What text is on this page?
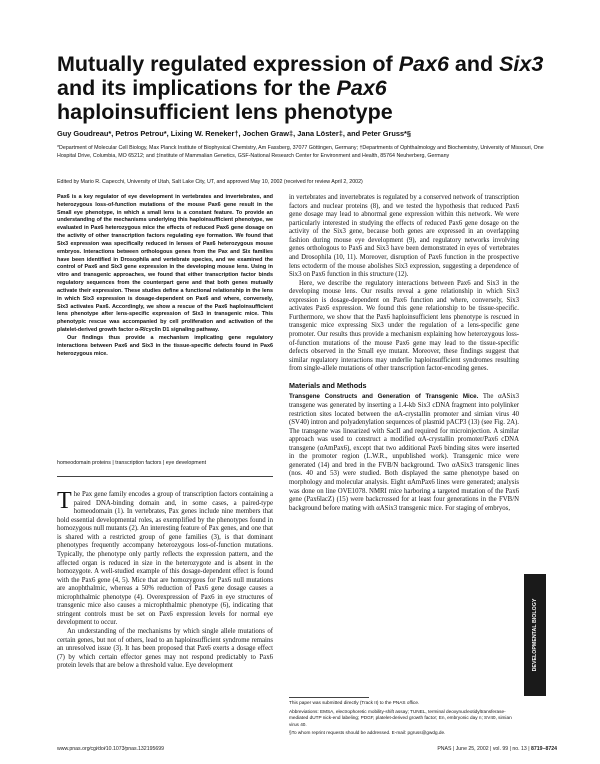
Mutually regulated expression of Pax6 and Six3 and its implications for the Pax6 haploinsufficient lens phenotype
Guy Goudreau*, Petros Petrou*, Lixing W. Reneker†, Jochen Graw‡, Jana Löster‡, and Peter Gruss*§
*Department of Molecular Cell Biology, Max Planck Institute of Biophysical Chemistry, Am Fassberg, 37077 Göttingen, Germany; †Departments of Ophthalmology and Biochemistry, University of Missouri, One Hospital Drive, Columbia, MO 65212; and ‡Institute of Mammalian Genetics, GSF-National Research Center for Environment and Health, 85764 Neuherberg, Germany
Edited by Mario R. Capecchi, University of Utah, Salt Lake City, UT, and approved May 10, 2002 (received for review April 2, 2002)

Pax6 is a key regulator of eye development in vertebrates and invertebrates, and heterozygous loss-of-function mutations of the mouse Pax6 gene result in the Small eye phenotype, in which a small lens is a constant feature. To provide an understanding of the mechanisms underlying this haploinsufficient phenotype, we evaluated in Pax6 heterozygous mice the effects of reduced Pax6 gene dosage on the activity of other transcription factors regulating eye formation. We found that Six3 expression was specifically reduced in lenses of Pax6 heterozygous mouse embryos. Interactions between orthologous genes from the Pax and Six families have been identified in Drosophila and vertebrate species, and we examined the control of Pax6 and Six3 gene expression in the developing mouse lens. Using in vitro and transgenic approaches, we found that either transcription factor binds regulatory sequences from the counterpart gene and that both genes mutually activate their expression. These studies define a functional relationship in the lens in which Six3 expression is dosage-dependent on Pax6 and where, conversely, Six3 activates Pax6. Accordingly, we show a rescue of the Pax6 haploinsufficient lens phenotype after lens-specific expression of Six3 in transgenic mice. This phenotypic rescue was accompanied by cell proliferation and activation of the platelet-derived growth factor α-R/cyclin D1 signaling pathway.

Our findings thus provide a mechanism implicating gene regulatory interactions between Pax6 and Six3 in the tissue-specific defects found in Pax6 heterozygous mice.

homeodomain proteins | transcription factors | eye development

The Pax gene family encodes a group of transcription factors containing a paired DNA-binding domain and, in some cases, a paired-type homeodomain (1). In vertebrates, Pax genes include nine members that hold essential developmental roles, as exemplified by the phenotypes found in homozygous null mutants (2). An interesting feature of Pax genes, and one that is shared with a restricted group of gene families (3), is that dominant phenotypes frequently accompany heterozygous loss-of-function mutations. Typically, the phenotype only partly reflects the expression pattern, and the affected organ is reduced in size in the heterozygote and is absent in the homozygote. A well-studied example of this dosage-dependent effect is found with the Pax6 gene (4, 5). Mice that are homozygous for Pax6 null mutations are anophthalmic, whereas a 50% reduction of Pax6 gene dosage causes a microphthalmic phenotype (4). Overexpression of Pax6 in eye structures of transgenic mice also causes a microphthalmic phenotype (6), indicating that stringent controls must be set on Pax6 expression levels for normal eye development to occur.

An understanding of the mechanisms by which single allele mutations of certain genes, but not of others, lead to an haploinsufficient syndrome remains an unresolved issue (3). It has been proposed that Pax6 exerts a dosage effect (7) by which certain effector genes may not respond predictably to Pax6 protein levels that are below a threshold value. Eye development

in vertebrates and invertebrates is regulated by a conserved network of transcription factors and nuclear proteins (8), and we tested the hypothesis that reduced Pax6 gene dosage may lead to abnormal gene expression within this network. We were particularly interested in studying the effects of reduced Pax6 gene dosage on the activity of the Six3 gene, because both genes are expressed in an overlapping fashion during mouse eye development (9), and regulatory networks involving genes orthologous to Pax6 and Six3 have been demonstrated in eyes of vertebrates and Drosophila (10, 11). Moreover, disruption of Pax6 function in the prospective lens ectoderm of the mouse abolishes Six3 expression, suggesting a dependence of Six3 on Pax6 function in this structure (12).

Here, we describe the regulatory interactions between Pax6 and Six3 in the developing mouse lens. Our results reveal a gene relationship in which Six3 expression is dosage-dependent on Pax6 function and where, conversely, Six3 activates Pax6 expression. We found this gene relationship to be tissue-specific. Furthermore, we show that the Pax6 haploinsufficient lens phenotype is rescued in transgenic mice expressing Six3 under the regulation of a lens-specific gene promoter. Our results thus provide a mechanism explaining how heterozygous loss-of-function mutations of the mouse Pax6 gene may lead to the tissue-specific defects observed in the Small eye mutant. Moreover, these findings suggest that similar regulatory interactions may underlie haploinsufficient syndromes resulting from single-allele mutations of other transcription factor-encoding genes.

Materials and Methods

Transgene Constructs and Generation of Transgenic Mice. The αASix3 transgene was generated by inserting a 1.4-kb Six3 cDNA fragment into polylinker restriction sites located between the αA-crystallin promoter and simian virus 40 (SV40) intron and polyadenylation sequences of plasmid pACP3 (13) (see Fig. 2A). The transgene was linearized with SacII and required for microinjection. A similar approach was used to construct a modified αA-crystallin promoter/Pax6 cDNA transgene (αAmPax6), except that two additional Pax6 binding sites were inserted in the promoter region (L.W.R., unpublished work). Transgenic mice were generated (14) and bred in the FVB/N background. Two αASix3 transgenic lines (nos. 40 and 53) were studied. Both displayed the same phenotype based on morphology and molecular analysis. Eight αAmPax6 lines were generated; analysis was done on line OVE1078. NMRI mice harboring a targeted mutation of the Pax6 gene (Pax6lacZ) (15) were backcrossed for at least four generations in the FVB/N background before mating with αASix3 transgenic mice. For staging of embryos,

DEVELOPMENTAL BIOLOGY

This paper was submitted directly (Track II) to the PNAS office.

Abbreviations: EMSA, electrophoretic mobility-shift assay; TUNEL, terminal deoxynucleotidyltransferase-mediated dUTP nick-end labeling; PDGF, platelet-derived growth factor; En, embryonic day n; SV40, simian virus 40.

§To whom reprint requests should be addressed. E-mail: pgruss@gwdg.de.

www.pnas.org∕cgi∕doi∕10.1073∕pnas.132195699	PNAS | June 25, 2002 | vol. 99 | no. 13 | 8719–8724
